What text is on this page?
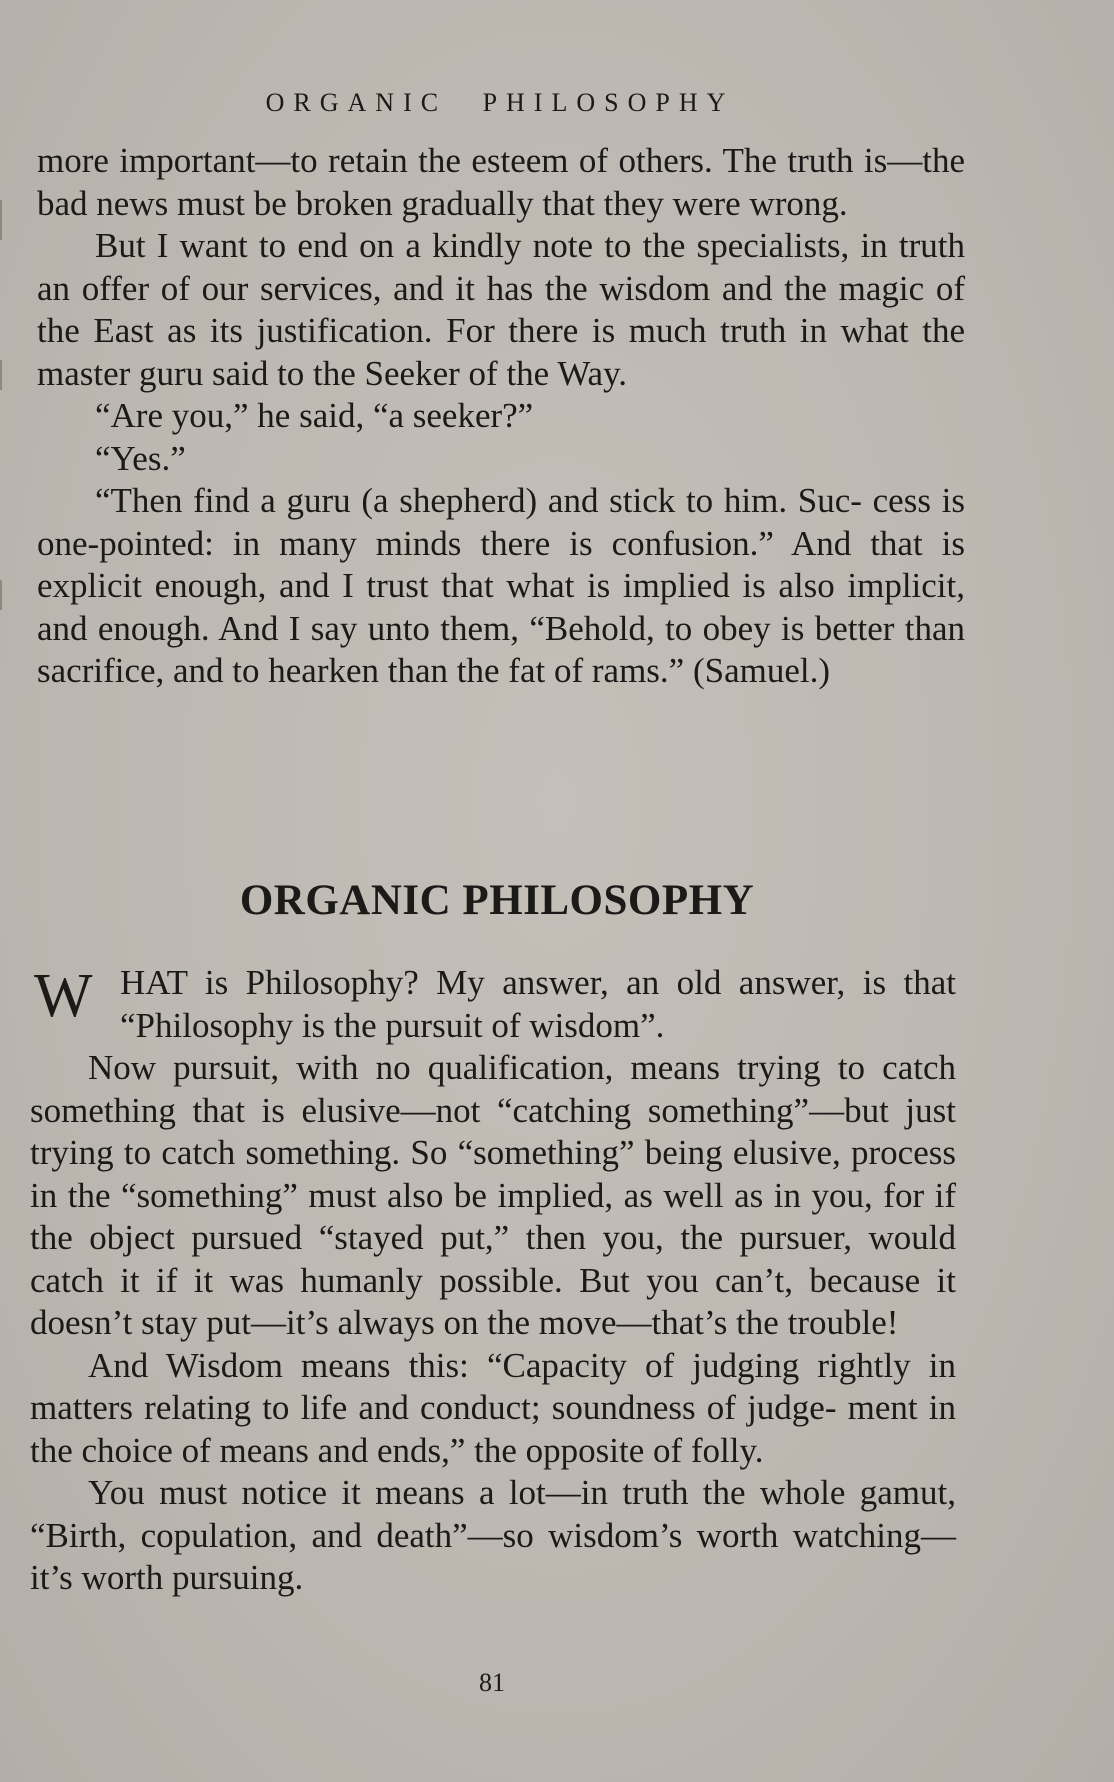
ORGANIC PHILOSOPHY

more important—to retain the esteem of others. The truth is—the bad news must be broken gradually that they were wrong.

But I want to end on a kindly note to the specialists, in truth an offer of our services, and it has the wisdom and the magic of the East as its justification. For there is much truth in what the master guru said to the Seeker of the Way.

“Are you,” he said, “a seeker?”

“Yes.”

“Then find a guru (a shepherd) and stick to him. Suc- cess is one-pointed: in many minds there is confusion.” And that is explicit enough, and I trust that what is implied is also implicit, and enough. And I say unto them, “Behold, to obey is better than sacrifice, and to hearken than the fat of rams.” (Samuel.)

ORGANIC PHILOSOPHY
W HAT is Philosophy? My answer, an old answer, is that “Philosophy is the pursuit of wisdom”.

Now pursuit, with no qualification, means trying to catch something that is elusive—not “catching something”—but just trying to catch something. So “something” being elusive, process in the “something” must also be implied, as well as in you, for if the object pursued “stayed put,” then you, the pursuer, would catch it if it was humanly possible. But you can’t, because it doesn’t stay put—it’s always on the move—that’s the trouble!

And Wisdom means this: “Capacity of judging rightly in matters relating to life and conduct; soundness of judge- ment in the choice of means and ends,” the opposite of folly.

You must notice it means a lot—in truth the whole gamut, “Birth, copulation, and death”—so wisdom’s worth watching—it’s worth pursuing.

81
